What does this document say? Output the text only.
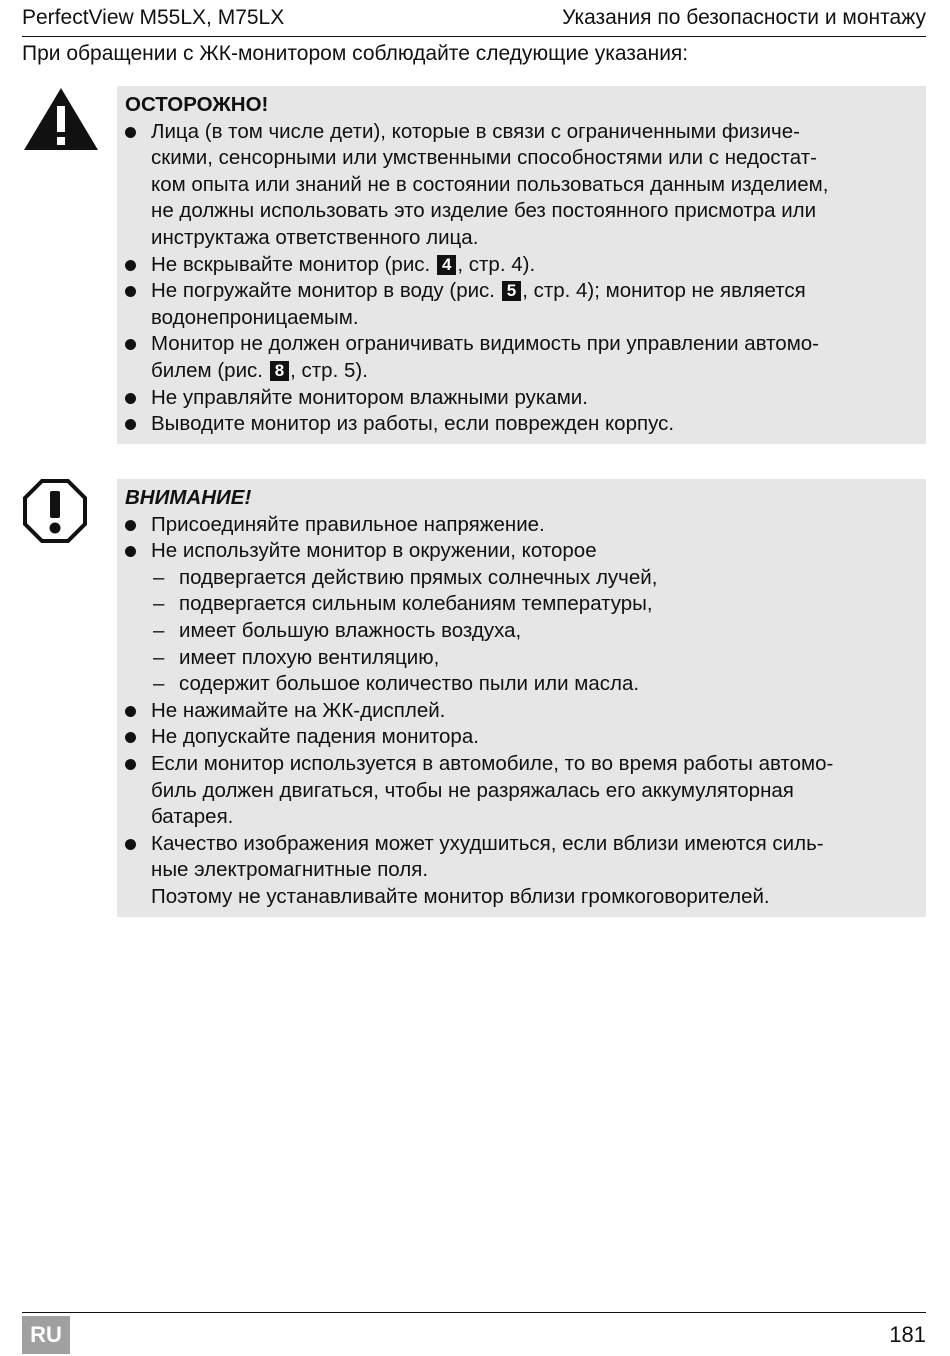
PerfectView M55LX, M75LX	Указания по безопасности и монтажу
При обращении с ЖК-монитором соблюдайте следующие указания:
ОСТОРОЖНО!
Лица (в том числе дети), которые в связи с ограниченными физиче-
скими, сенсорными или умственными способностями или с недостат-
ком опыта или знаний не в состоянии пользоваться данным изделием,
не должны использовать это изделие без постоянного присмотра или
инструктажа ответственного лица.
Не вскрывайте монитор (рис. 4 , стр. 4).
Не погружайте монитор в воду (рис. 5 , стр. 4); монитор не является
водонепроницаемым.
Монитор не должен ограничивать видимость при управлении автомо-
билем (рис. 8 , стр. 5).
Не управляйте монитором влажными руками.
Выводите монитор из работы, если поврежден корпус.
ВНИМАНИЕ!
Присоединяйте правильное напряжение.
Не используйте монитор в окружении, которое
– подвергается действию прямых солнечных лучей,
– подвергается сильным колебаниям температуры,
– имеет большую влажность воздуха,
– имеет плохую вентиляцию,
– содержит большое количество пыли или масла.
Не нажимайте на ЖК-дисплей.
Не допускайте падения монитора.
Если монитор используется в автомобиле, то во время работы автомо-
биль должен двигаться, чтобы не разряжалась его аккумуляторная
батарея.
Качество изображения может ухудшиться, если вблизи имеются силь-
ные электромагнитные поля.
Поэтому не устанавливайте монитор вблизи громкоговорителей.
RU	181
